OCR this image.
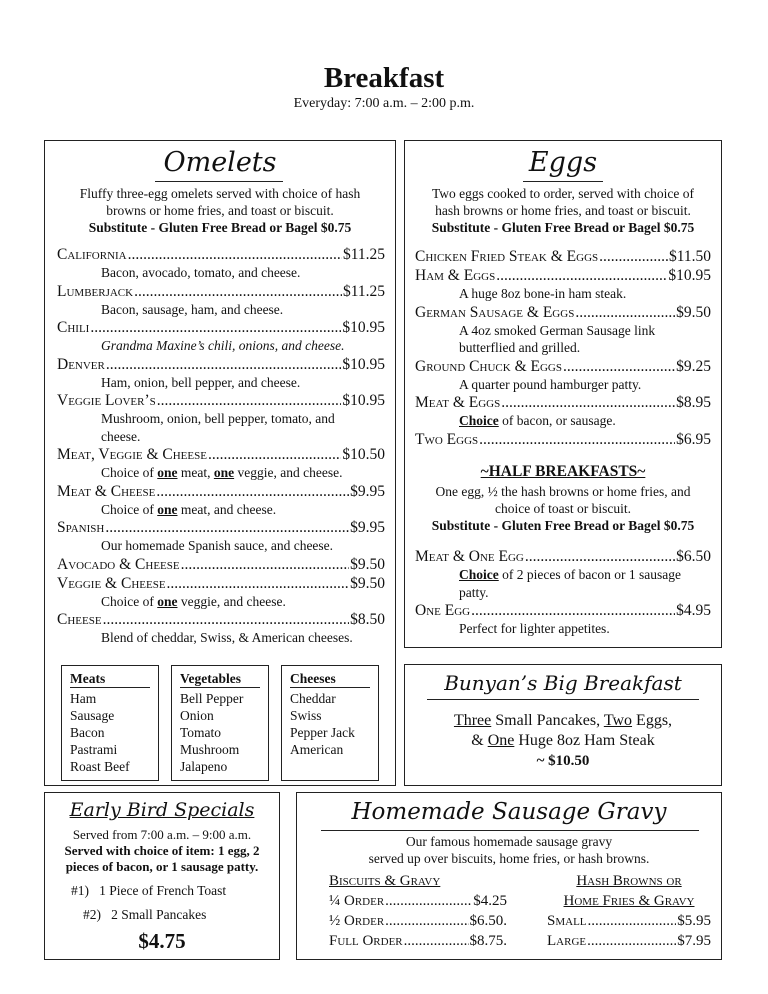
Breakfast
Everyday: 7:00 a.m. – 2:00 p.m.
Omelets
Fluffy three-egg omelets served with choice of hash
browns or home fries, and toast or biscuit.
Substitute - Gluten Free Bread or Bagel $0.75
California .....	$11.25
Bacon, avocado, tomato, and cheese.
Lumberjack .....	$11.25
Bacon, sausage, ham, and cheese.
Chili .....	$10.95
Grandma Maxine’s chili, onions, and cheese.
Denver .....	$10.95
Ham, onion, bell pepper, and cheese.
Veggie Lover’s .....	$10.95
Mushroom, onion, bell pepper, tomato, and
cheese.
Meat, Veggie & Cheese .....	$10.50
Choice of one meat, one veggie, and cheese.
Meat & Cheese .....	$9.95
Choice of one meat, and cheese.
Spanish .....	$9.95
Our homemade Spanish sauce, and cheese.
Avocado & Cheese .....	$9.50
Veggie & Cheese .....	$9.50
Choice of one veggie, and cheese.
Cheese .....	$8.50
Blend of cheddar, Swiss, & American cheeses.
Meats
Ham
Sausage
Bacon
Pastrami
Roast Beef
Vegetables
Bell Pepper
Onion
Tomato
Mushroom
Jalapeno
Cheeses
Cheddar
Swiss
Pepper Jack
American
Eggs
Two eggs cooked to order, served with choice of
hash browns or home fries, and toast or biscuit.
Substitute - Gluten Free Bread or Bagel $0.75
Chicken Fried Steak & Eggs .....	$11.50
Ham & Eggs .....	$10.95
A huge 8oz bone-in ham steak.
German Sausage & Eggs .....	$9.50
A 4oz smoked German Sausage link
butterflied and grilled.
Ground Chuck & Eggs .....	$9.25
A quarter pound hamburger patty.
Meat & Eggs .....	$8.95
Choice of bacon, or sausage.
Two Eggs .....	$6.95
~HALF BREAKFASTS~
One egg, ½ the hash browns or home fries, and
choice of toast or biscuit.
Substitute - Gluten Free Bread or Bagel $0.75
Meat & One Egg .....	$6.50
Choice of 2 pieces of bacon or 1 sausage
patty.
One Egg .....	$4.95
Perfect for lighter appetites.
Bunyan’s Big Breakfast
Three Small Pancakes, Two Eggs,
& One Huge 8oz Ham Steak
~ $10.50
Early Bird Specials
Served from 7:00 a.m. – 9:00 a.m.
Served with choice of item: 1 egg, 2
pieces of bacon, or 1 sausage patty.
#1) 1 Piece of French Toast
#2) 2 Small Pancakes
$4.75
Homemade Sausage Gravy
Our famous homemade sausage gravy
served up over biscuits, home fries, or hash browns.
Biscuits & Gravy
¼ Order .....	$4.25
½ Order .....	$6.50.
Full Order .....	$8.75.
Hash Browns or
Home Fries & Gravy
Small .....	$5.95
Large .....	$7.95
